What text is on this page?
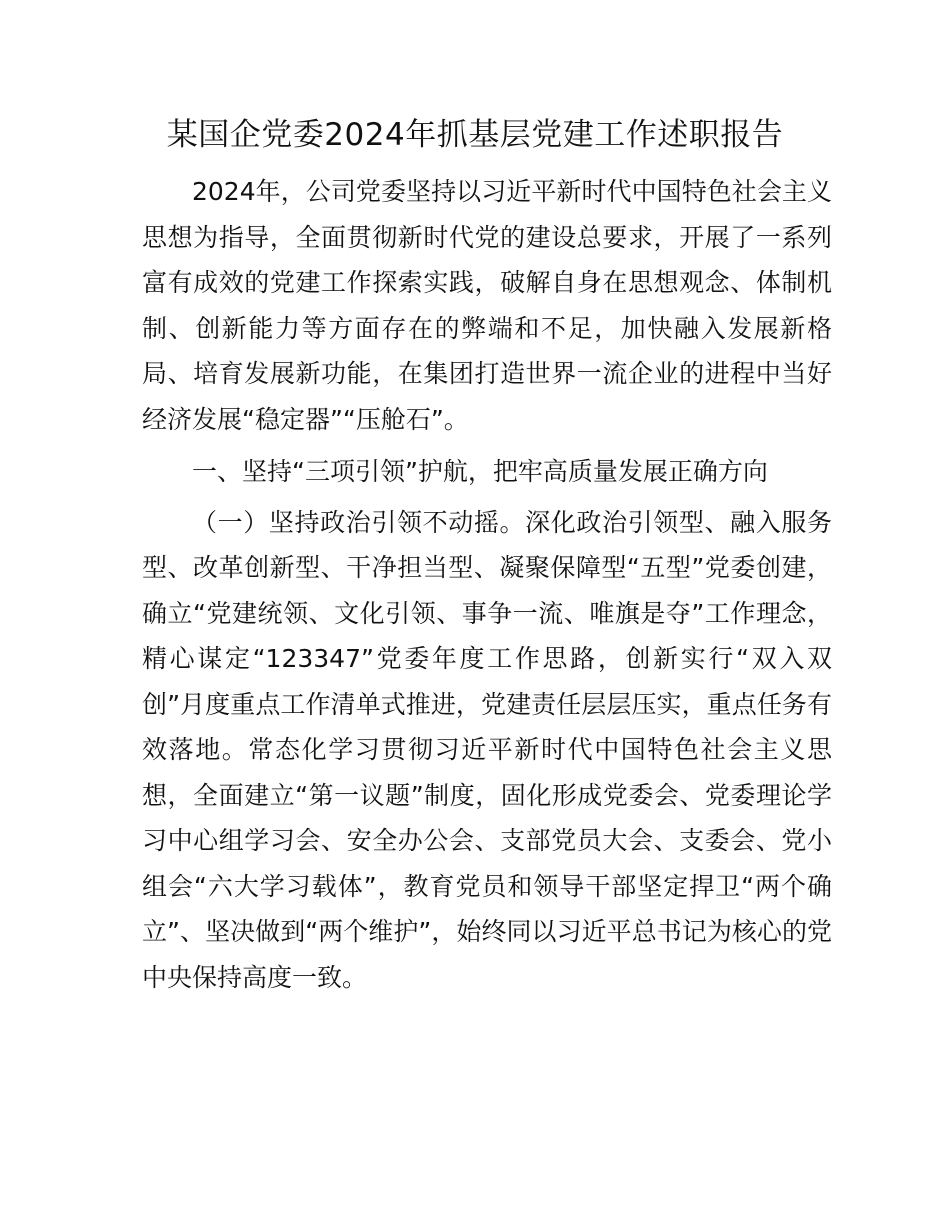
某国企党委2024年抓基层党建工作述职报告

2024年，公司党委坚持以习近平新时代中国特色社会主义思想为指导，全面贯彻新时代党的建设总要求，开展了一系列富有成效的党建工作探索实践，破解自身在思想观念、体制机制、创新能力等方面存在的弊端和不足，加快融入发展新格局、培育发展新功能，在集团打造世界一流企业的进程中当好经济发展“稳定器”“压舱石”。

一、坚持“三项引领”护航，把牢高质量发展正确方向

（一）坚持政治引领不动摇。深化政治引领型、融入服务型、改革创新型、干净担当型、凝聚保障型“五型”党委创建，确立“党建统领、文化引领、事争一流、唯旗是夺”工作理念，精心谋定“123347”党委年度工作思路，创新实行“双入双创”月度重点工作清单式推进，党建责任层层压实，重点任务有效落地。常态化学习贯彻习近平新时代中国特色社会主义思想，全面建立“第一议题”制度，固化形成党委会、党委理论学习中心组学习会、安全办公会、支部党员大会、支委会、党小组会“六大学习载体”，教育党员和领导干部坚定捍卫“两个确立”、坚决做到“两个维护”，始终同以习近平总书记为核心的党中央保持高度一致。
